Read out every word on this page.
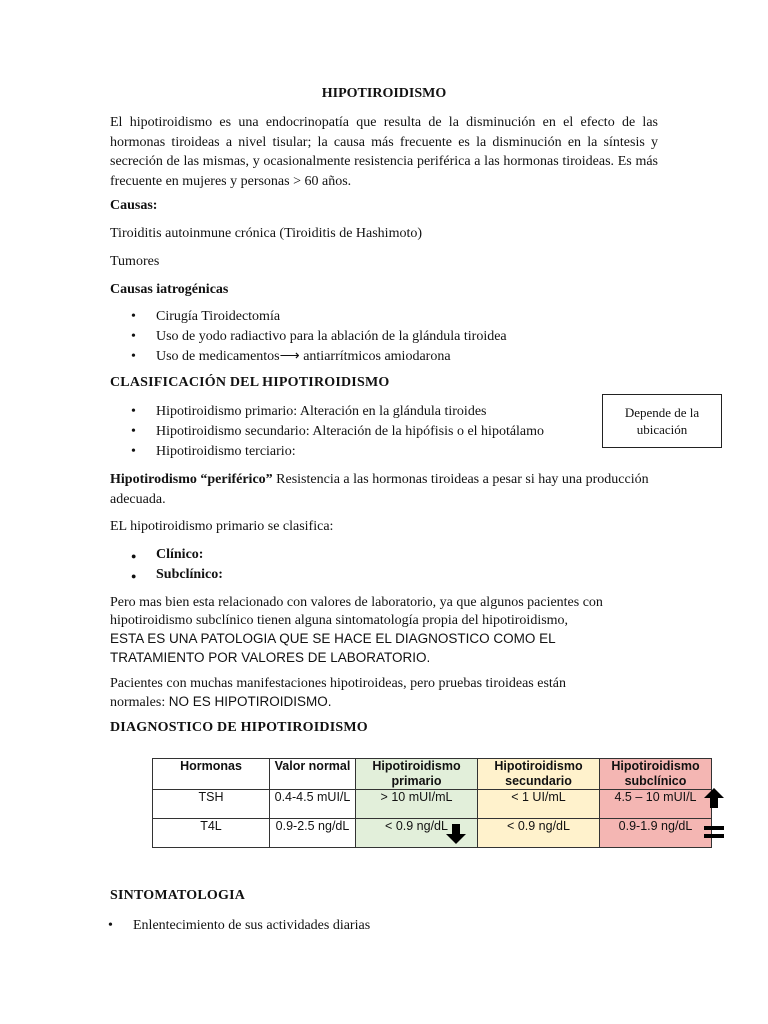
HIPOTIROIDISMO
El hipotiroidismo es una endocrinopatía que resulta de la disminución en el efecto de las hormonas tiroideas a nivel tisular; la causa más frecuente es la disminución en la síntesis y secreción de las mismas, y ocasionalmente resistencia periférica a las hormonas tiroideas. Es más frecuente en mujeres y personas > 60 años.
Causas:
Tiroiditis autoinmune crónica (Tiroiditis de Hashimoto)
Tumores
Causas iatrogénicas
• Cirugía Tiroidectomía
• Uso de yodo radiactivo para la ablación de la glándula tiroidea
• Uso de medicamentos⟶ antiarrítmicos amiodarona
CLASIFICACIÓN DEL HIPOTIROIDISMO
• Hipotiroidismo primario: Alteración en la glándula tiroides
• Hipotiroidismo secundario: Alteración de la hipófisis o el hipotálamo
• Hipotiroidismo terciario:
Depende de la ubicación
Hipotirodismo “periférico” Resistencia a las hormonas tiroideas a pesar si hay una producción adecuada.
EL hipotiroidismo primario se clasifica:
● Clínico:
● Subclínico:
Pero mas bien esta relacionado con valores de laboratorio, ya que algunos pacientes con
hipotiroidismo subclínico tienen alguna sintomatología propia del hipotiroidismo,
ESTA ES UNA PATOLOGIA QUE SE HACE EL DIAGNOSTICO COMO EL
TRATAMIENTO POR VALORES DE LABORATORIO.
Pacientes con muchas manifestaciones hipotiroideas, pero pruebas tiroideas están
normales: NO ES HIPOTIROIDISMO.
DIAGNOSTICO DE HIPOTIROIDISMO
Hormonas	Valor normal	Hipotiroidismo primario	Hipotiroidismo secundario	Hipotiroidismo subclínico
TSH	0.4-4.5 mUI/L	> 10 mUI/mL	< 1 UI/mL	4.5 – 10 mUI/L
T4L	0.9-2.5 ng/dL	< 0.9 ng/dL	< 0.9 ng/dL	0.9-1.9 ng/dL
SINTOMATOLOGIA
• Enlentecimiento de sus actividades diarias
